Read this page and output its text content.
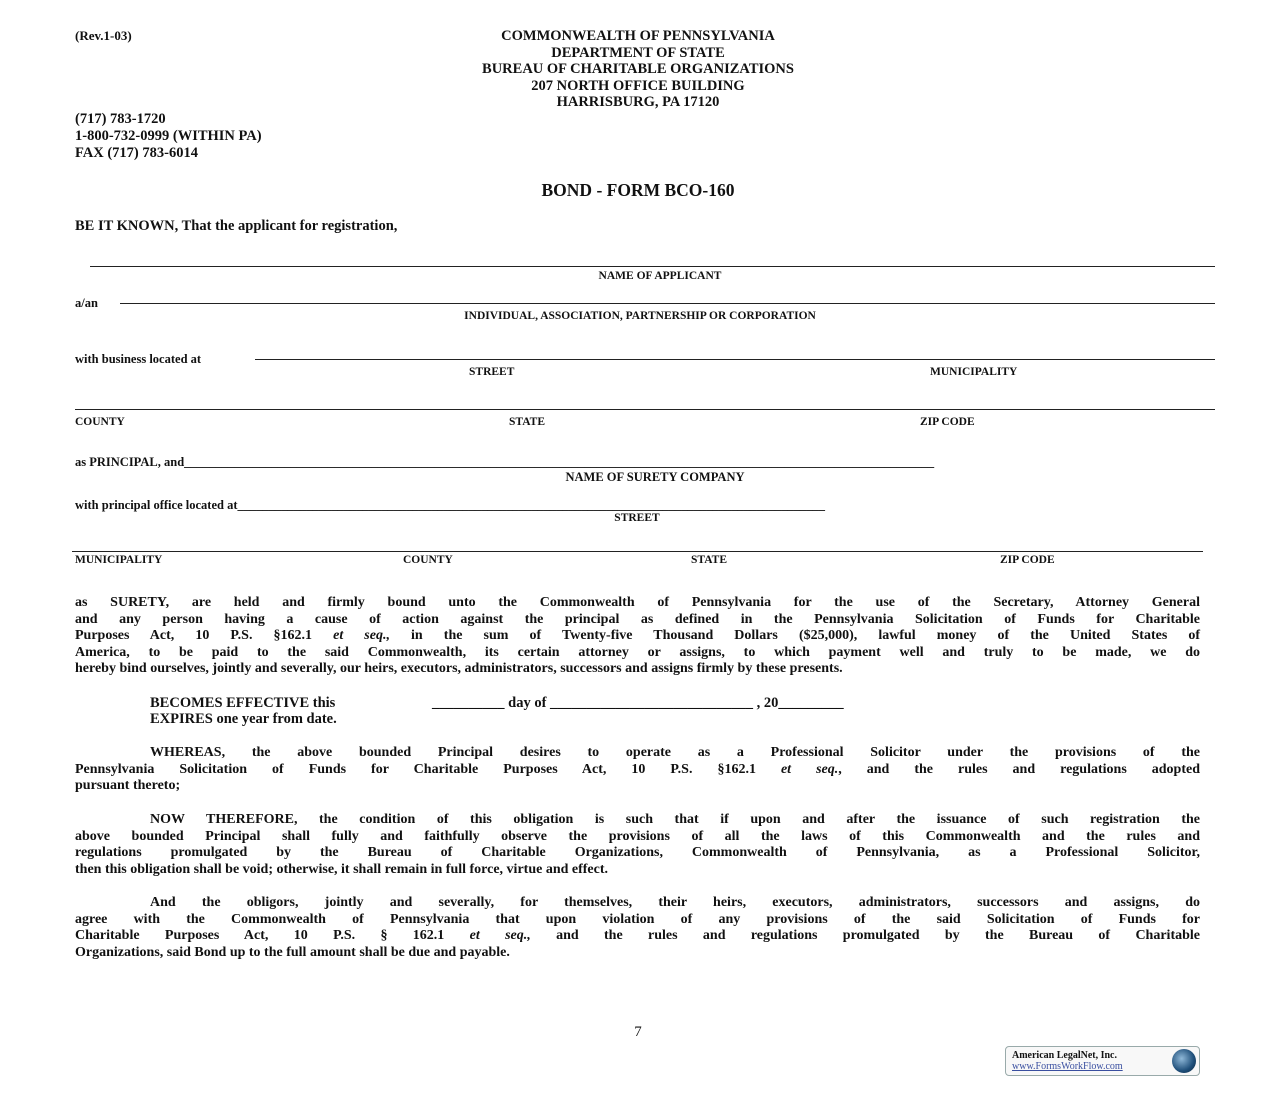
(Rev.1-03)	COMMONWEALTH OF PENNSYLVANIA
DEPARTMENT OF STATE
BUREAU OF CHARITABLE ORGANIZATIONS
207 NORTH OFFICE BUILDING
HARRISBURG, PA 17120
(717) 783-1720
1-800-732-0999 (WITHIN PA)
FAX (717) 783-6014
BOND - FORM BCO-160
BE IT KNOWN, That the applicant for registration,
NAME OF APPLICANT
a/an
INDIVIDUAL, ASSOCIATION, PARTNERSHIP OR CORPORATION
with business located at
STREET	MUNICIPALITY
COUNTY	STATE	ZIP CODE
as PRINCIPAL, and________________________________________________________________________________________________________________________
NAME OF SURETY COMPANY
with principal office located at______________________________________________________________________________________________
STREET
MUNICIPALITY	COUNTY	STATE	ZIP CODE
as SURETY, are held and firmly bound unto the Commonwealth of Pennsylvania for the use of the Secretary, Attorney General
and any person having a cause of action against the principal as defined in the Pennsylvania Solicitation of Funds for Charitable
Purposes Act, 10 P.S. §162.1 et seq., in the sum of Twenty-five Thousand Dollars ($25,000), lawful money of the United States of
America, to be paid to the said Commonwealth, its certain attorney or assigns, to which payment well and truly to be made, we do
hereby bind ourselves, jointly and severally, our heirs, executors, administrators, successors and assigns firmly by these presents.
BECOMES EFFECTIVE this	__________ day of ____________________________ , 20_________
EXPIRES one year from date.
WHEREAS, the above bounded Principal desires to operate as a Professional Solicitor under the provisions of the
Pennsylvania Solicitation of Funds for Charitable Purposes Act, 10 P.S. §162.1 et seq., and the rules and regulations adopted
pursuant thereto;
NOW THEREFORE, the condition of this obligation is such that if upon and after the issuance of such registration the
above bounded Principal shall fully and faithfully observe the provisions of all the laws of this Commonwealth and the rules and
regulations promulgated by the Bureau of Charitable Organizations, Commonwealth of Pennsylvania, as a Professional Solicitor,
then this obligation shall be void; otherwise, it shall remain in full force, virtue and effect.
And the obligors, jointly and severally, for themselves, their heirs, executors, administrators, successors and assigns, do
agree with the Commonwealth of Pennsylvania that upon violation of any provisions of the said Solicitation of Funds for
Charitable Purposes Act, 10 P.S. § 162.1 et seq., and the rules and regulations promulgated by the Bureau of Charitable
Organizations, said Bond up to the full amount shall be due and payable.
7
American LegalNet, Inc.
www.FormsWorkFlow.com
